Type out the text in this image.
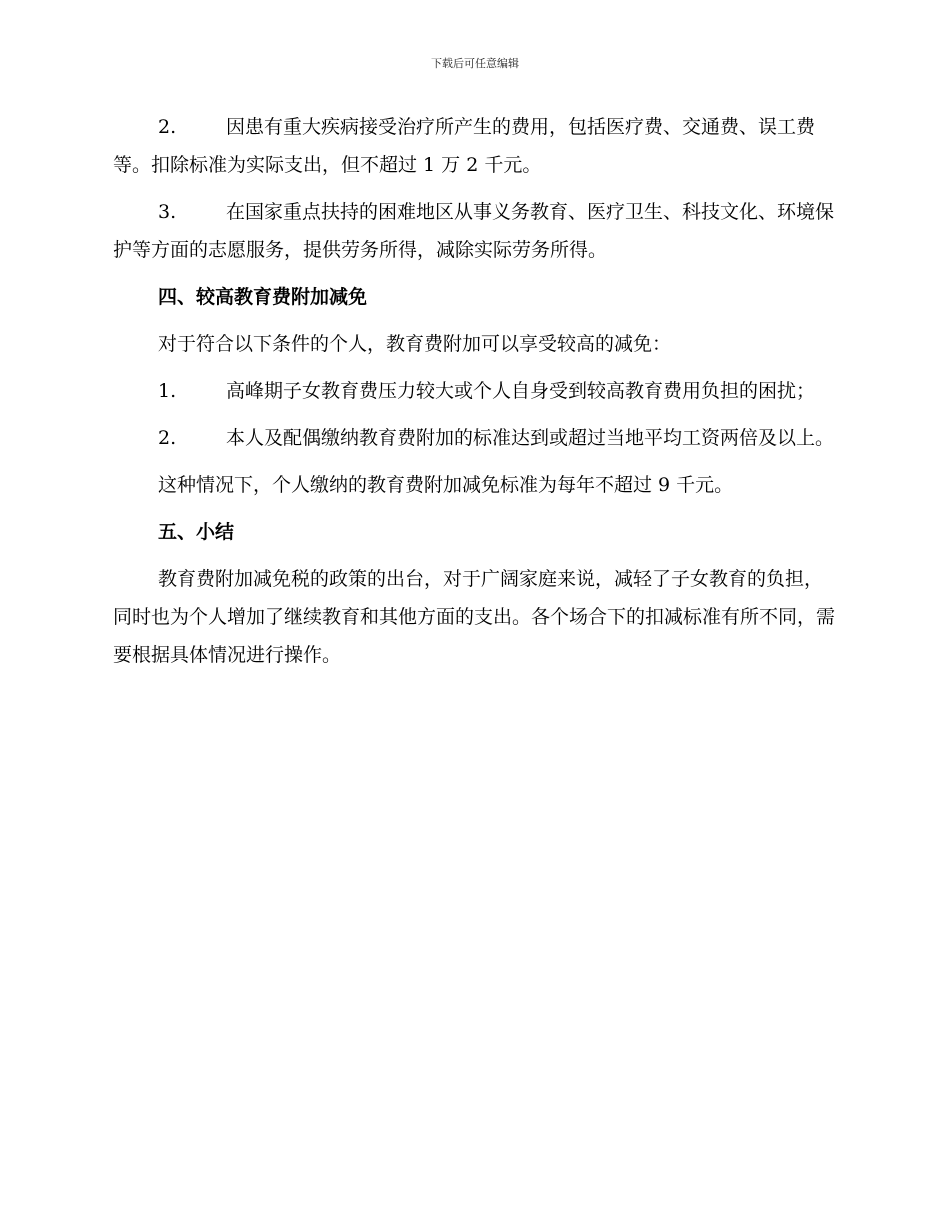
下载后可任意编辑

2.	因患有重大疾病接受治疗所产生的费用，包括医疗费、交通费、误工费等。扣除标准为实际支出，但不超过 1 万 2 千元。

3.	在国家重点扶持的困难地区从事义务教育、医疗卫生、科技文化、环境保护等方面的志愿服务，提供劳务所得，减除实际劳务所得。

四、较高教育费附加减免

对于符合以下条件的个人，教育费附加可以享受较高的减免：

1.	高峰期子女教育费压力较大或个人自身受到较高教育费用负担的困扰；

2.	本人及配偶缴纳教育费附加的标准达到或超过当地平均工资两倍及以上。

这种情况下，个人缴纳的教育费附加减免标准为每年不超过 9 千元。

五、小结

教育费附加减免税的政策的出台，对于广阔家庭来说，减轻了子女教育的负担，同时也为个人增加了继续教育和其他方面的支出。各个场合下的扣减标准有所不同，需要根据具体情况进行操作。
